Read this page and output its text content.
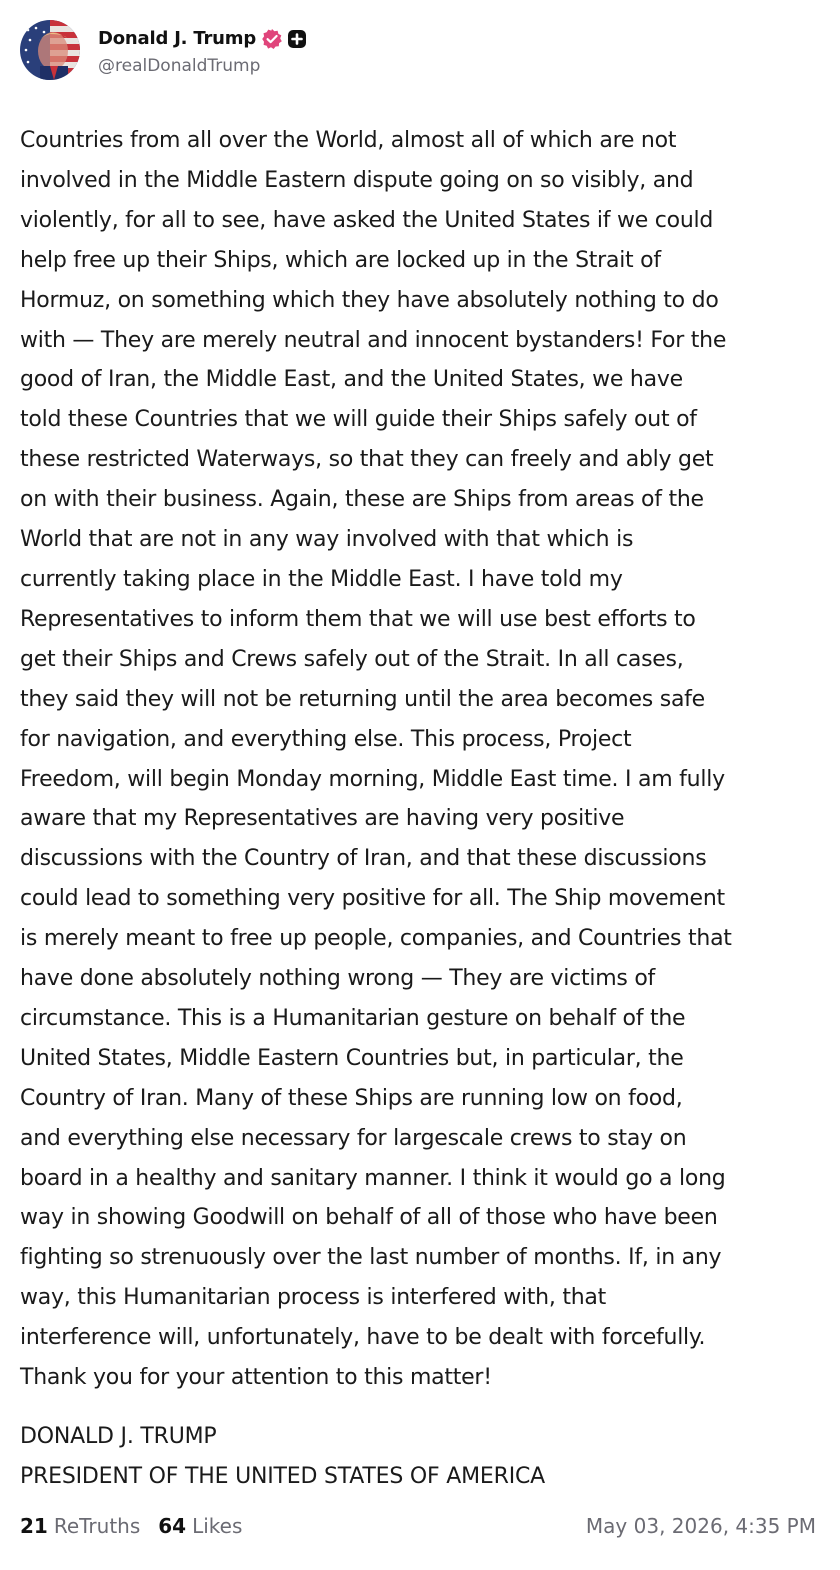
Donald J. Trump
@realDonaldTrump
Countries from all over the World, almost all of which are not
involved in the Middle Eastern dispute going on so visibly, and
violently, for all to see, have asked the United States if we could
help free up their Ships, which are locked up in the Strait of
Hormuz, on something which they have absolutely nothing to do
with — They are merely neutral and innocent bystanders! For the
good of Iran, the Middle East, and the United States, we have
told these Countries that we will guide their Ships safely out of
these restricted Waterways, so that they can freely and ably get
on with their business. Again, these are Ships from areas of the
World that are not in any way involved with that which is
currently taking place in the Middle East. I have told my
Representatives to inform them that we will use best efforts to
get their Ships and Crews safely out of the Strait. In all cases,
they said they will not be returning until the area becomes safe
for navigation, and everything else. This process, Project
Freedom, will begin Monday morning, Middle East time. I am fully
aware that my Representatives are having very positive
discussions with the Country of Iran, and that these discussions
could lead to something very positive for all. The Ship movement
is merely meant to free up people, companies, and Countries that
have done absolutely nothing wrong — They are victims of
circumstance. This is a Humanitarian gesture on behalf of the
United States, Middle Eastern Countries but, in particular, the
Country of Iran. Many of these Ships are running low on food,
and everything else necessary for largescale crews to stay on
board in a healthy and sanitary manner. I think it would go a long
way in showing Goodwill on behalf of all of those who have been
fighting so strenuously over the last number of months. If, in any
way, this Humanitarian process is interfered with, that
interference will, unfortunately, have to be dealt with forcefully.
Thank you for your attention to this matter!
DONALD J. TRUMP
PRESIDENT OF THE UNITED STATES OF AMERICA
21 ReTruths 64 Likes	May 03, 2026, 4:35 PM
